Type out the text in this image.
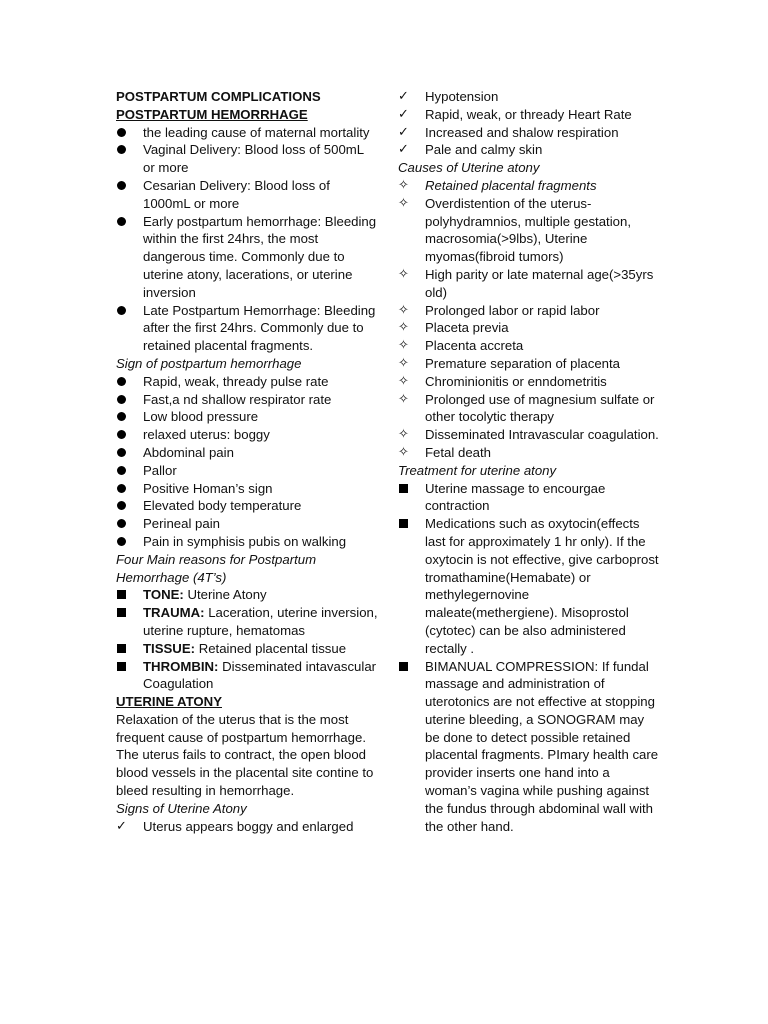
POSTPARTUM COMPLICATIONS
POSTPARTUM HEMORRHAGE
the leading cause of maternal mortality
Vaginal Delivery: Blood loss of 500mL or more
Cesarian Delivery: Blood loss of 1000mL or more
Early postpartum hemorrhage: Bleeding within the first 24hrs, the most dangerous time. Commonly due to uterine atony, lacerations, or uterine inversion
Late Postpartum Hemorrhage: Bleeding after the first 24hrs. Commonly due to retained placental fragments.
Sign of postpartum hemorrhage
Rapid, weak, thready pulse rate
Fast,a nd shallow respirator rate
Low blood pressure
relaxed uterus: boggy
Abdominal pain
Pallor
Positive Homan’s sign
Elevated body temperature
Perineal pain
Pain in symphisis pubis on walking
Four Main reasons for Postpartum Hemorrhage (4T’s)
TONE: Uterine Atony
TRAUMA: Laceration, uterine inversion, uterine rupture, hematomas
TISSUE: Retained placental tissue
THROMBIN: Disseminated intavascular Coagulation
UTERINE ATONY
Relaxation of the uterus that is the most frequent cause of postpartum hemorrhage.
The uterus fails to contract, the open blood blood vessels in the placental site contine to bleed resulting in hemorrhage.
Signs of Uterine Atony
✓	Uterus appears boggy and enlarged
✓	Hypotension
✓	Rapid, weak, or thready Heart Rate
✓	Increased and shalow respiration
✓	Pale and calmy skin
Causes of Uterine atony
✧	Retained placental fragments
✧	Overdistention of the uterus- polyhydramnios, multiple gestation, macrosomia(>9lbs), Uterine myomas(fibroid tumors)
✧	High parity or late maternal age(>35yrs old)
✧	Prolonged labor or rapid labor
✧	Placeta previa
✧	Placenta accreta
✧	Premature separation of placenta
✧	Chrominionitis or enndometritis
✧	Prolonged use of magnesium sulfate or other tocolytic therapy
✧	Disseminated Intravascular coagulation.
✧	Fetal death
Treatment for uterine atony
Uterine massage to encourgae contraction
Medications such as oxytocin(effects last for approximately 1 hr only). If the oxytocin is not effective, give carboprost tromathamine(Hemabate) or methylegernovine maleate(methergiene). Misoprostol (cytotec) can be also administered rectally .
BIMANUAL COMPRESSION: If fundal massage and administration of uterotonics are not effective at stopping uterine bleeding, a SONOGRAM may be done to detect possible retained placental fragments. PImary health care provider inserts one hand into a woman’s vagina while pushing against the fundus through abdominal wall with the other hand.
